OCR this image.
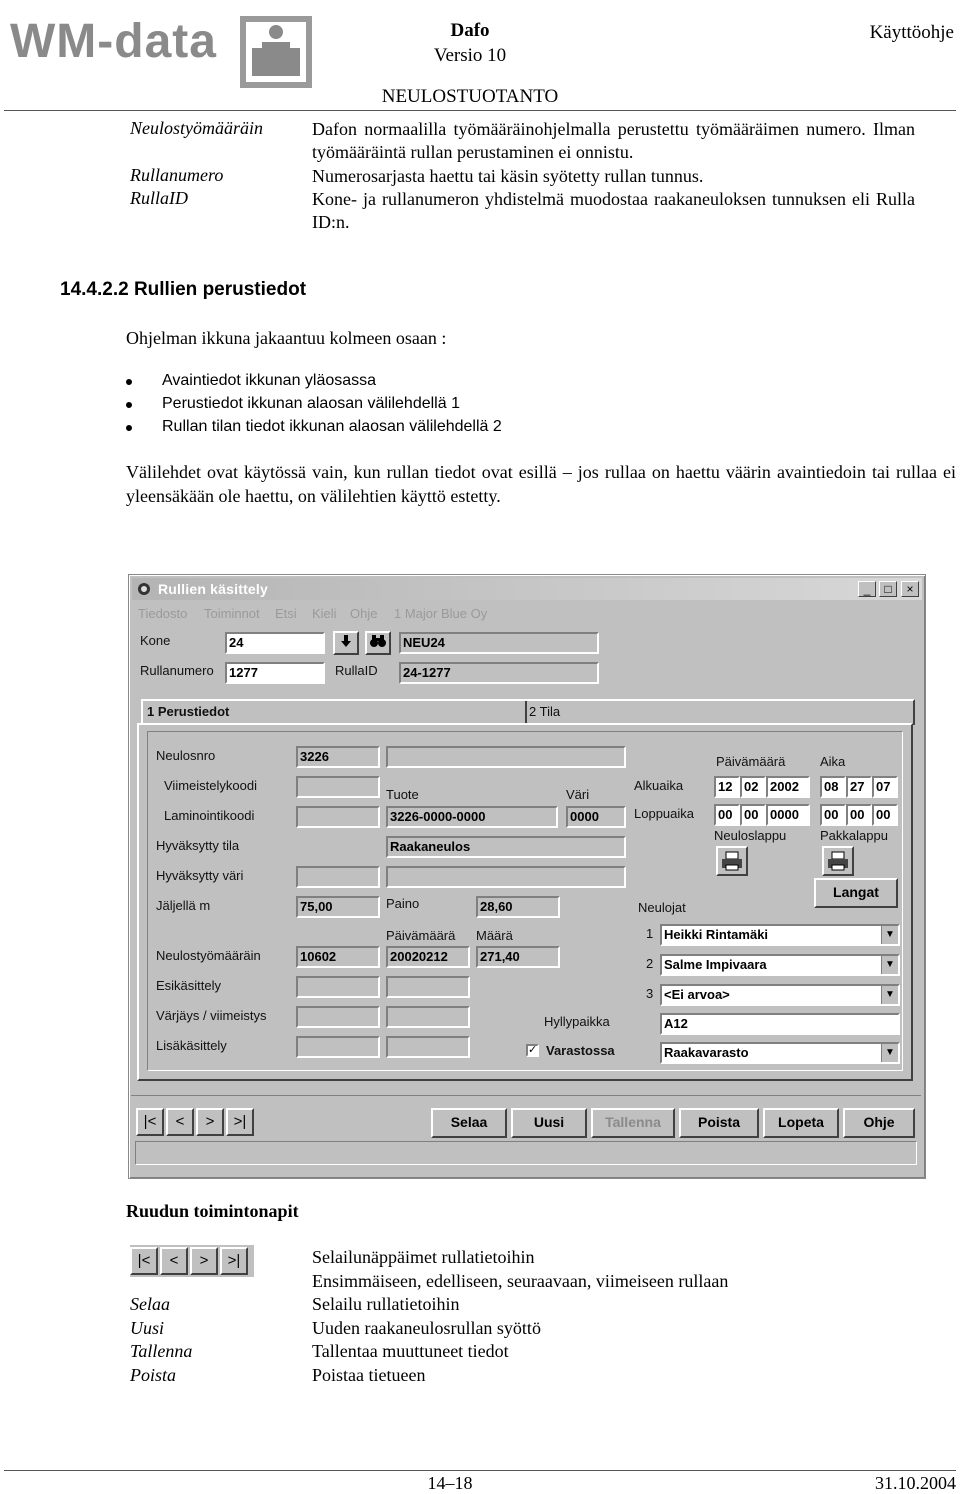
WM-data	Dafo
Versio 10
Käyttöohje
NEULOSTUOTANTO
Neulostyömääräin	Dafon normaalilla työmääräinohjelmalla perustettu työmääräimen numero. Ilman työmääräintä rullan perustaminen ei onnistu.
Rullanumero	Numerosarjasta haettu tai käsin syötetty rullan tunnus.
RullaID	Kone- ja rullanumeron yhdistelmä muodostaa raakaneuloksen tunnuksen eli Rulla ID:n.
14.4.2.2 Rullien perustiedot
Ohjelman ikkuna jakaantuu kolmeen osaan :
Avaintiedot ikkunan yläosassa
Perustiedot ikkunan alaosan välilehdellä 1
Rullan tilan tiedot ikkunan alaosan välilehdellä 2
Välilehdet ovat käytössä vain, kun rullan tiedot ovat esillä – jos rullaa on haettu väärin avaintiedoin tai rullaa ei yleensäkään ole haettu, on välilehtien käyttö estetty.
Rullien käsittely	_	□	×
Tiedosto Toiminnot Etsi Kieli Ohje 1 Major Blue Oy
Kone	24	NEU24
Rullanumero	1277	RullaID	24-1277
1 Perustiedot	2 Tila
Neulosnro	3226
Viimeistelykoodi
Laminointikoodi
Tuote
3226-0000-0000
Väri
0000
Hyväksytty tila	Raakaneulos
Hyväksytty väri
Jäljellä m	75,00	Paino	28,60
Päivämäärä Määrä
Neulostyömääräin	10602	20020212	271,40
Esikäsittely
Värjäys / viimeistys
Lisäkäsittely
Päivämäärä	Aika
Alkuaika	12 02 2002	08 27 07
Loppuaika	00 00 0000	00 00 00
Neuloslappu	Pakkalappu
Langat
Neulojat
1 Heikki Rintamäki	▼
2 Salme Impivaara	▼
3 <Ei arvoa>	▼
Hyllypaikka	A12
✓ Varastossa	Raakavarasto	▼
|<	<	>	>|	Selaa	Uusi	Tallenna	Poista	Lopeta	Ohje
Ruudun toimintonapit
|<	<	>	>|	Selailunäppäimet rullatietoihin
Ensimmäiseen, edelliseen, seuraavaan, viimeiseen rullaan
Selaa	Selailu rullatietoihin
Uusi	Uuden raakaneulosrullan syöttö
Tallenna	Tallentaa muuttuneet tiedot
Poista	Poistaa tietueen
14–18	31.10.2004
